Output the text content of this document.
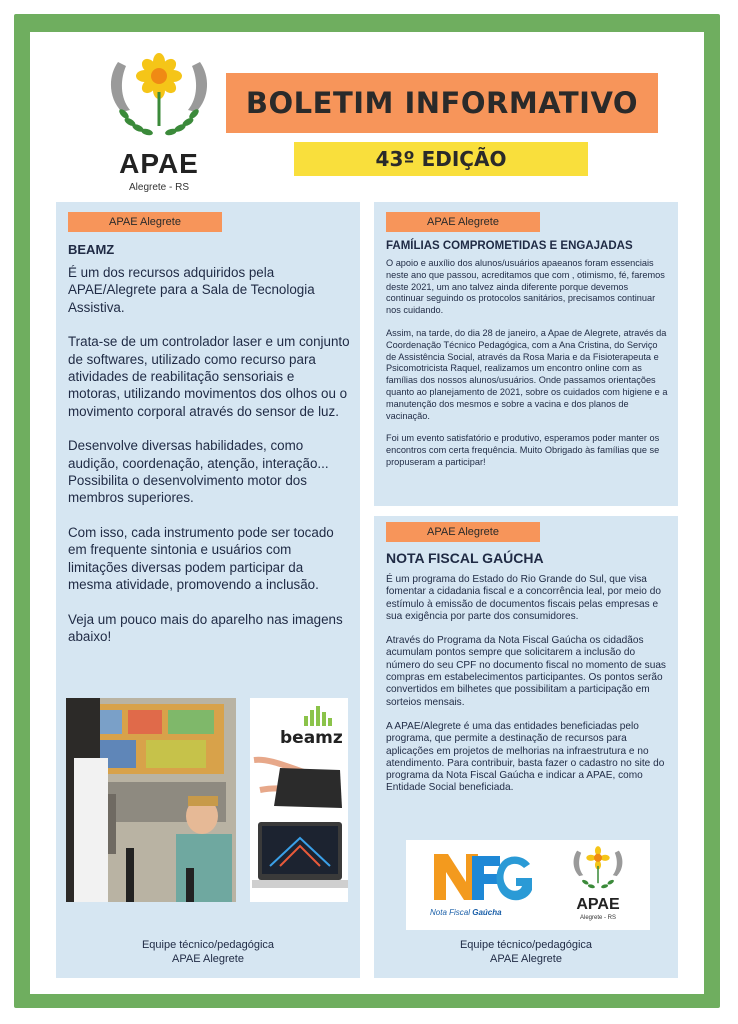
APAE
Alegrete - RS
BOLETIM INFORMATIVO
43º EDIÇÃO
APAE Alegrete
BEAMZ

É um dos recursos adquiridos pela APAE/Alegrete para a Sala de Tecnologia Assistiva.

Trata-se de um controlador laser e um conjunto de softwares, utilizado como recurso para atividades de reabilitação sensoriais e motoras, utilizando movimentos dos olhos ou o movimento corporal através do sensor de luz.

Desenvolve diversas habilidades, como audição, coordenação, atenção, interação... Possibilita o desenvolvimento motor dos membros superiores.

Com isso, cada instrumento pode ser tocado em frequente sintonia e usuários com limitações diversas podem participar da mesma atividade, promovendo a inclusão.

Veja um pouco mais do aparelho nas imagens abaixo!

beamz
Equipe técnico/pedagógica
APAE Alegrete
APAE Alegrete
FAMÍLIAS COMPROMETIDAS E ENGAJADAS

O apoio e auxílio dos alunos/usuários apaeanos foram essenciais neste ano que passou, acreditamos que com , otimismo, fé, faremos deste 2021, um ano talvez ainda diferente porque devemos continuar seguindo os protocolos sanitários, precisamos continuar nos cuidando.

Assim, na tarde, do dia 28 de janeiro, a Apae de Alegrete, através da Coordenação Técnico Pedagógica, com a Ana Cristina, do Serviço de Assistência Social, através da Rosa Maria e da Fisioterapeuta e Psicomotricista Raquel, realizamos um encontro online com as famílias dos nossos alunos/usuários. Onde passamos orientações quanto ao planejamento de 2021, sobre os cuidados com higiene e a manutenção dos mesmos e sobre a vacina e dos planos de vacinação.

Foi um evento satisfatório e produtivo, esperamos poder manter os encontros com certa frequência. Muito Obrigado às famílias que se propuseram a participar!

APAE Alegrete
NOTA FISCAL GAÚCHA

É um programa do Estado do Rio Grande do Sul, que visa fomentar a cidadania fiscal e a concorrência leal, por meio do estímulo à emissão de documentos fiscais pelas empresas e sua exigência por parte dos consumidores.

Através do Programa da Nota Fiscal Gaúcha os cidadãos acumulam pontos sempre que solicitarem a inclusão do número do seu CPF no documento fiscal no momento de suas compras em estabelecimentos participantes. Os pontos serão convertidos em bilhetes que possibilitam a participação em sorteios mensais.

A APAE/Alegrete é uma das entidades beneficiadas pelo programa, que permite a destinação de recursos para aplicações em projetos de melhorias na infraestrutura e no atendimento. Para contribuir, basta fazer o cadastro no site do programa da Nota Fiscal Gaúcha e indicar a APAE, como Entidade Social beneficiada.

Nota Fiscal Gaúcha	APAE
Alegrete - RS
Equipe técnico/pedagógica
APAE Alegrete
